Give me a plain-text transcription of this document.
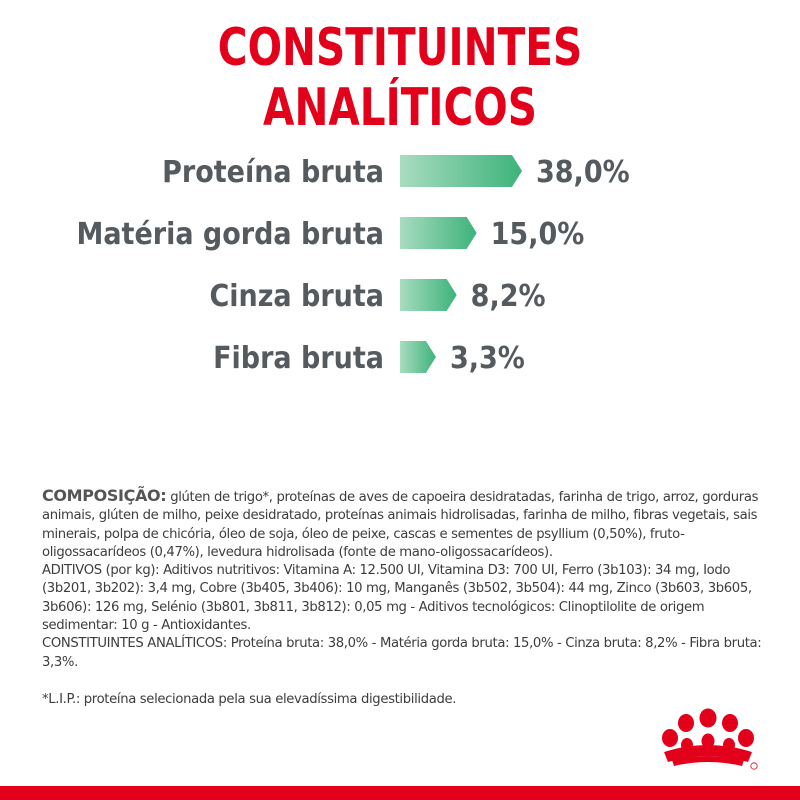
CONSTITUINTES ANALÍTICOS
Proteína bruta	38,0%
Matéria gorda bruta	15,0%
Cinza bruta	8,2%
Fibra bruta 3,3%

COMPOSIÇÃO: glúten de trigo*, proteínas de aves de capoeira desidratadas, farinha de trigo, arroz, gorduras animais, glúten de milho, peixe desidratado, proteínas animais hidrolisadas, farinha de milho, fibras vegetais, sais minerais, polpa de chicória, óleo de soja, óleo de peixe, cascas e sementes de psyllium (0,50%), fruto-oligossacarídeos (0,47%), levedura hidrolisada (fonte de mano-oligossacarídeos).

ADITIVOS (por kg): Aditivos nutritivos: Vitamina A: 12.500 UI, Vitamina D3: 700 UI, Ferro (3b103): 34 mg, Iodo (3b201, 3b202): 3,4 mg, Cobre (3b405, 3b406): 10 mg, Manganês (3b502, 3b504): 44 mg, Zinco (3b603, 3b605, 3b606): 126 mg, Selénio (3b801, 3b811, 3b812): 0,05 mg - Aditivos tecnológicos: Clinoptilolite de origem sedimentar: 10 g - Antioxidantes.

CONSTITUINTES ANALÍTICOS: Proteína bruta: 38,0% - Matéria gorda bruta: 15,0% - Cinza bruta: 8,2% - Fibra bruta: 3,3%.

*L.I.P.: proteína selecionada pela sua elevadíssima digestibilidade.
